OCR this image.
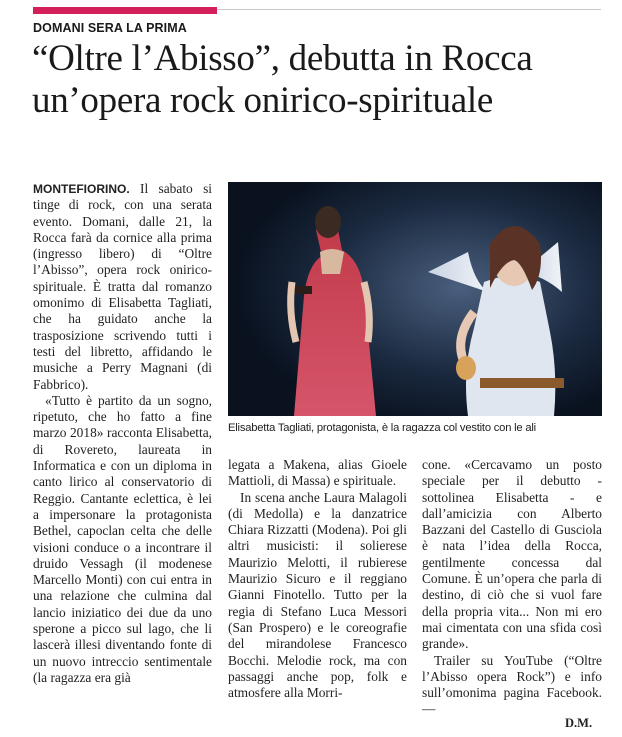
DOMANI SERA LA PRIMA
“Oltre l’Abisso”, debutta in Rocca
un’opera rock onirico-spirituale

MONTEFIORINO. Il sabato si tinge di rock, con una serata evento. Domani, dalle 21, la Rocca farà da cornice alla prima (ingresso libero) di “Oltre l’Abisso”, opera rock onirico-spirituale. È tratta dal romanzo omonimo di Elisabetta Tagliati, che ha guidato anche la trasposizione scrivendo tutti i testi del libretto, affidando le musiche a Perry Magnani (di Fabbrico).

«Tutto è partito da un sogno, ripetuto, che ho fatto a fine marzo 2018» racconta Elisabetta, di Rovereto, laureata in Informatica e con un diploma in canto lirico al conservatorio di Reggio. Cantante eclettica, è lei a impersonare la protagonista Bethel, capoclan celta che delle visioni conduce o a incontrare il druido Vessagh (il modenese Marcello Monti) con cui entra in una relazione che culmina dal lancio iniziatico dei due da uno sperone a picco sul lago, che li lascerà illesi diventando fonte di un nuovo intreccio sentimentale (la ragazza era già

Elisabetta Tagliati, protagonista, è la ragazza col vestito con le ali

legata a Makena, alias Gioele Mattioli, di Massa) e spirituale.

In scena anche Laura Malagoli (di Medolla) e la danzatrice Chiara Rizzatti (Modena). Poi gli altri musicisti: il solierese Maurizio Melotti, il rubierese Maurizio Sicuro e il reggiano Gianni Finotello. Tutto per la regia di Stefano Luca Messori (San Prospero) e le coreografie del mirandolese Francesco Bocchi. Melodie rock, ma con passaggi anche pop, folk e atmosfere alla Morri-

cone. «Cercavamo un posto speciale per il debutto - sottolinea Elisabetta - e dall’amicizia con Alberto Bazzani del Castello di Gusciola è nata l’idea della Rocca, gentilmente concessa dal Comune. È un’opera che parla di destino, di ciò che si vuol fare della propria vita... Non mi ero mai cimentata con una sfida così grande».

Trailer su YouTube (“Oltre l’Abisso opera Rock”) e info sull’omonima pagina Facebook. —

D.M.
